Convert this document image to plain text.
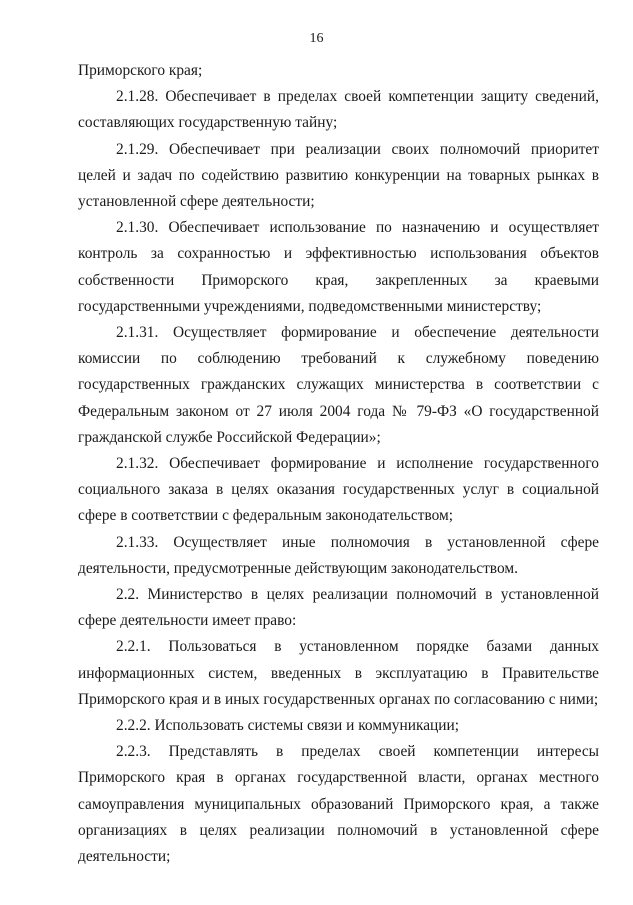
16

Приморского края;

2.1.28. Обеспечивает в пределах своей компетенции защиту сведений, составляющих государственную тайну;

2.1.29. Обеспечивает при реализации своих полномочий приоритет целей и задач по содействию развитию конкуренции на товарных рынках в установленной сфере деятельности;

2.1.30. Обеспечивает использование по назначению и осуществляет контроль за сохранностью и эффективностью использования объектов собственности Приморского края, закрепленных за краевыми государственными учреждениями, подведомственными министерству;

2.1.31. Осуществляет формирование и обеспечение деятельности комиссии по соблюдению требований к служебному поведению государственных гражданских служащих министерства в соответствии с Федеральным законом от 27 июля 2004 года № 79-ФЗ «О государственной гражданской службе Российской Федерации»;

2.1.32. Обеспечивает формирование и исполнение государственного социального заказа в целях оказания государственных услуг в социальной сфере в соответствии с федеральным законодательством;

2.1.33. Осуществляет иные полномочия в установленной сфере деятельности, предусмотренные действующим законодательством.

2.2. Министерство в целях реализации полномочий в установленной сфере деятельности имеет право:

2.2.1. Пользоваться в установленном порядке базами данных информационных систем, введенных в эксплуатацию в Правительстве Приморского края и в иных государственных органах по согласованию с ними;

2.2.2. Использовать системы связи и коммуникации;

2.2.3. Представлять в пределах своей компетенции интересы Приморского края в органах государственной власти, органах местного самоуправления муниципальных образований Приморского края, а также организациях в целях реализации полномочий в установленной сфере деятельности;
